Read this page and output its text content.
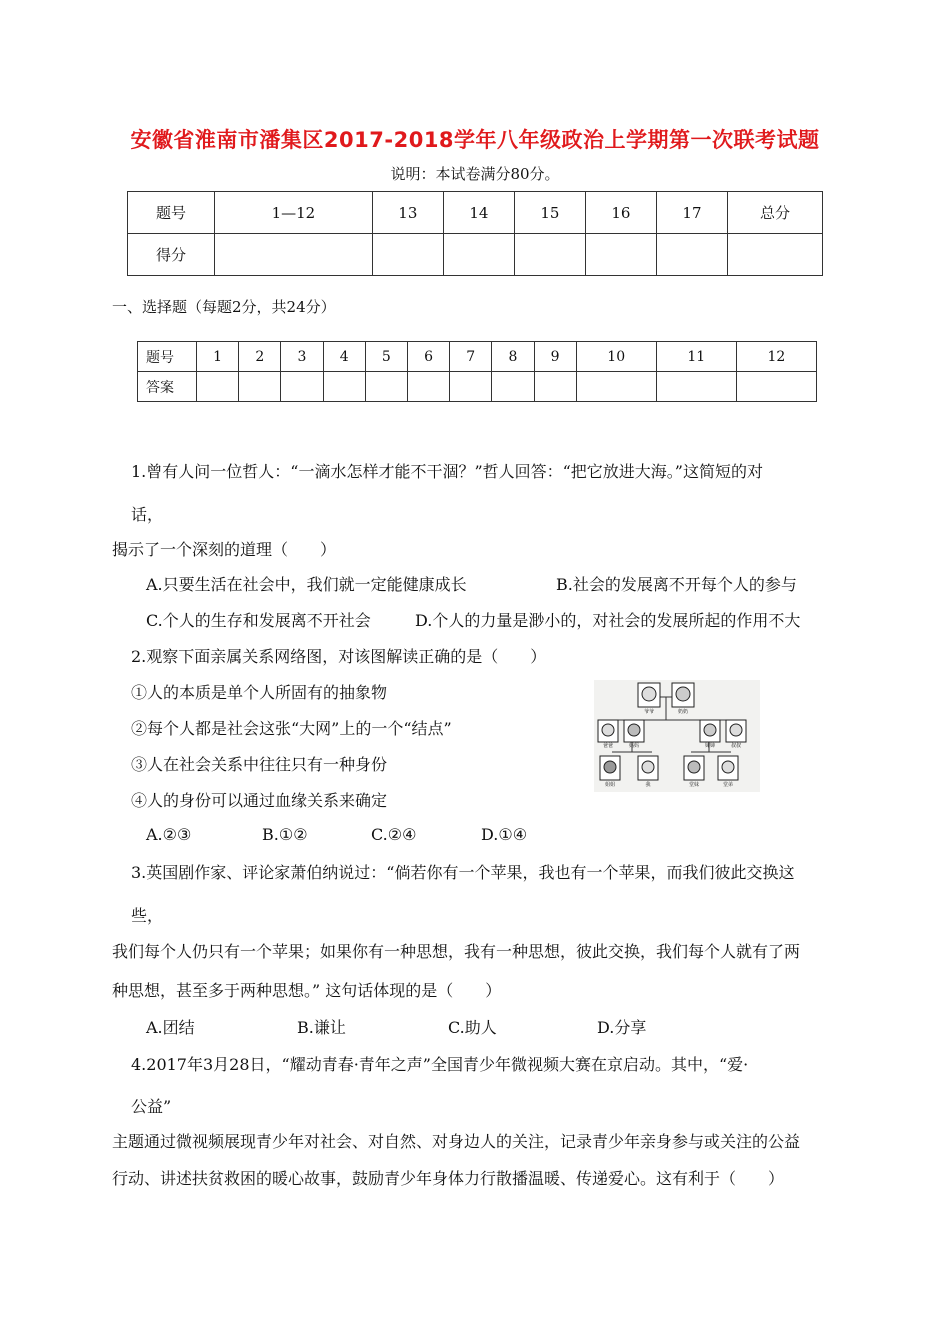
安徽省淮南市潘集区2017-2018学年八年级政治上学期第一次联考试题
说明：本试卷满分80分。
题号	1—12	13	14	15	16	17	总分
得分							
一、选择题（每题2分，共24分）
题号	1	2	3	4	5	6	7	8	9	10	11	12
答案												
1.曾有人问一位哲人：“一滴水怎样才能不干涸？”哲人回答：“把它放进大海。”这简短的对
话，
揭示了一个深刻的道理（　　）
A.只要生活在社会中，我们就一定能健康成长	B.社会的发展离不开每个人的参与
C.个人的生存和发展离不开社会	D.个人的力量是渺小的，对社会的发展所起的作用不大
2.观察下面亲属关系网络图，对该图解读正确的是（　　）
①人的本质是单个人所固有的抽象物
②每个人都是社会这张“大网”上的一个“结点”
③人在社会关系中往往只有一种身份
④人的身份可以通过血缘关系来确定
A.②③	B.①②	C.②④	D.①④
爷爷	奶奶
爸爸	妈妈	婶婶	叔叔
姐姐	我	堂妹	堂弟
3.英国剧作家、评论家萧伯纳说过：“倘若你有一个苹果，我也有一个苹果，而我们彼此交换这
些，
我们每个人仍只有一个苹果；如果你有一种思想，我有一种思想，彼此交换，我们每个人就有了两
种思想，甚至多于两种思想。” 这句话体现的是（　　）
A.团结	B.谦让	C.助人	D.分享
4.2017年3月28日，“耀动青春·青年之声”全国青少年微视频大赛在京启动。其中，“爱·
公益”
主题通过微视频展现青少年对社会、对自然、对身边人的关注，记录青少年亲身参与或关注的公益
行动、讲述扶贫救困的暖心故事，鼓励青少年身体力行散播温暖、传递爱心。这有利于（　　）
